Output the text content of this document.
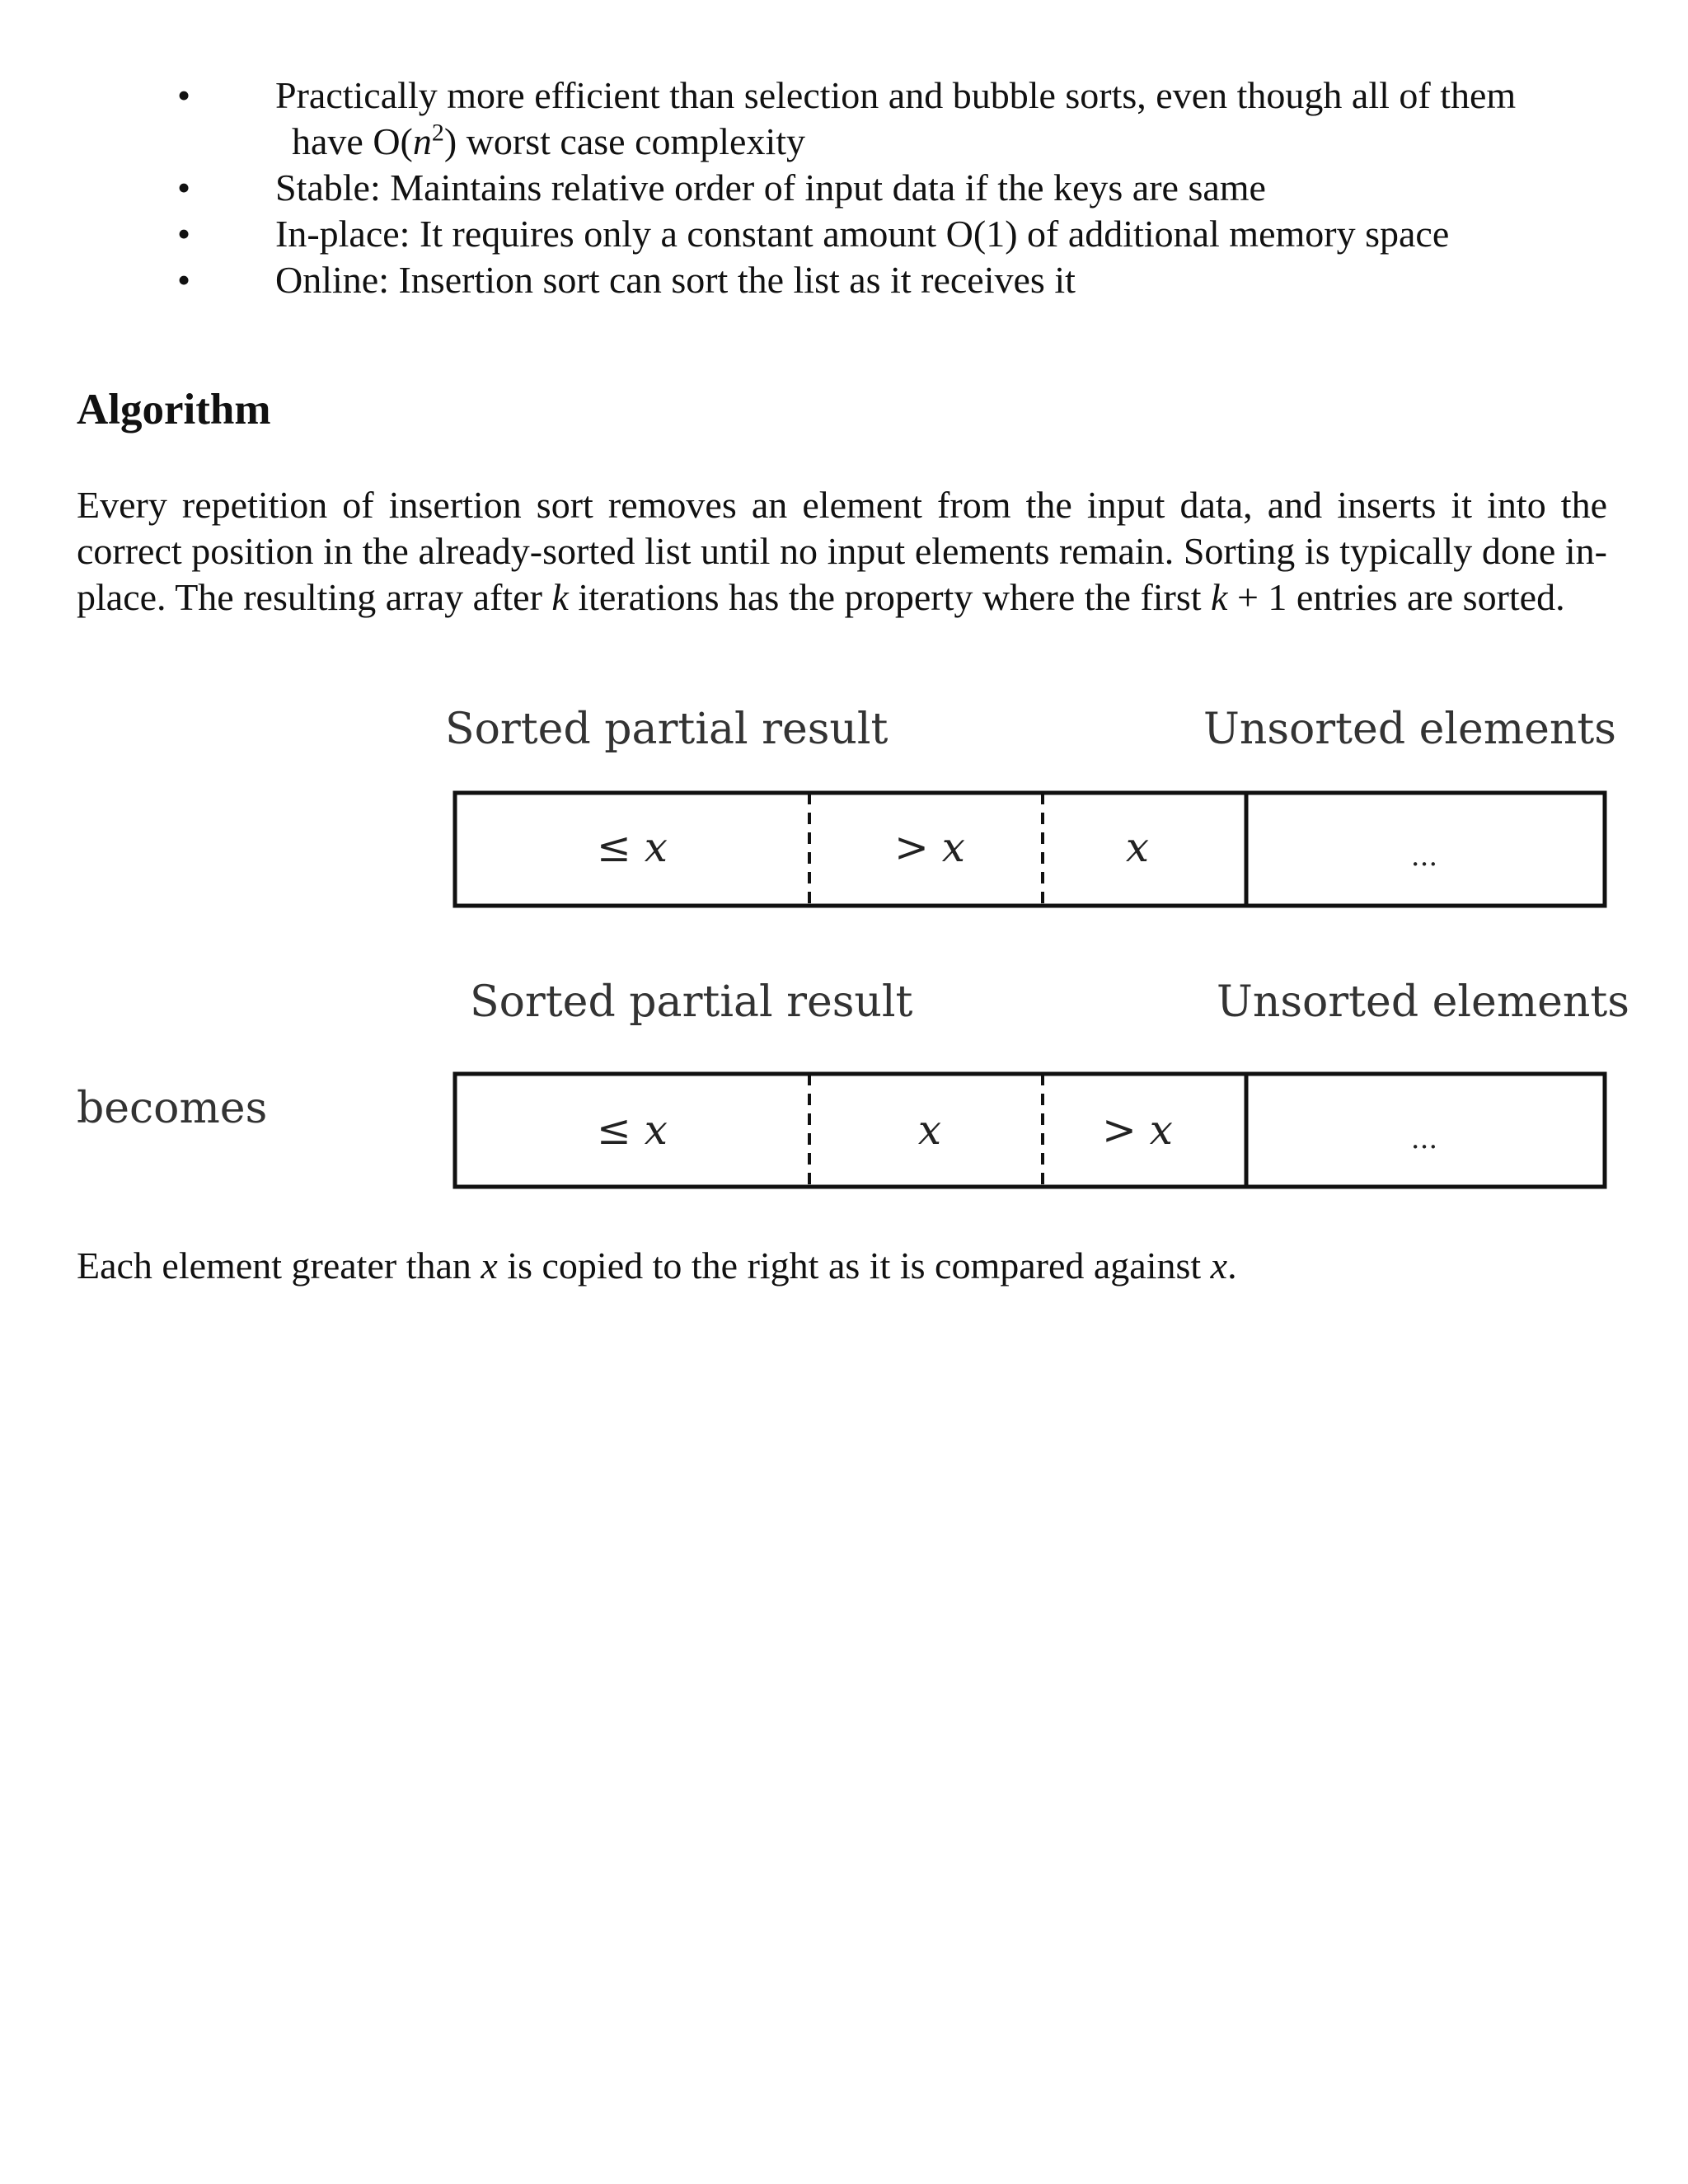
•	Practically more efficient than selection and bubble sorts, even though all of them
have $O(n^2)$ worst case complexity
•	Stable: Maintains relative order of input data if the keys are same
•	In-place: It requires only a constant amount O(1) of additional memory space
•	Online: Insertion sort can sort the list as it receives it
Algorithm

Every repetition of insertion sort removes an element from the input data, and inserts it into the correct position in the already-sorted list until no input elements remain. Sorting is typically done in-place. The resulting array after k iterations has the property where the first k + 1 entries are sorted.

Sorted partial result	Unsorted elements
≤ x	> x	x	...
becomes
Sorted partial result	Unsorted elements
≤ x	x	> x	...

Each element greater than x is copied to the right as it is compared against x.
